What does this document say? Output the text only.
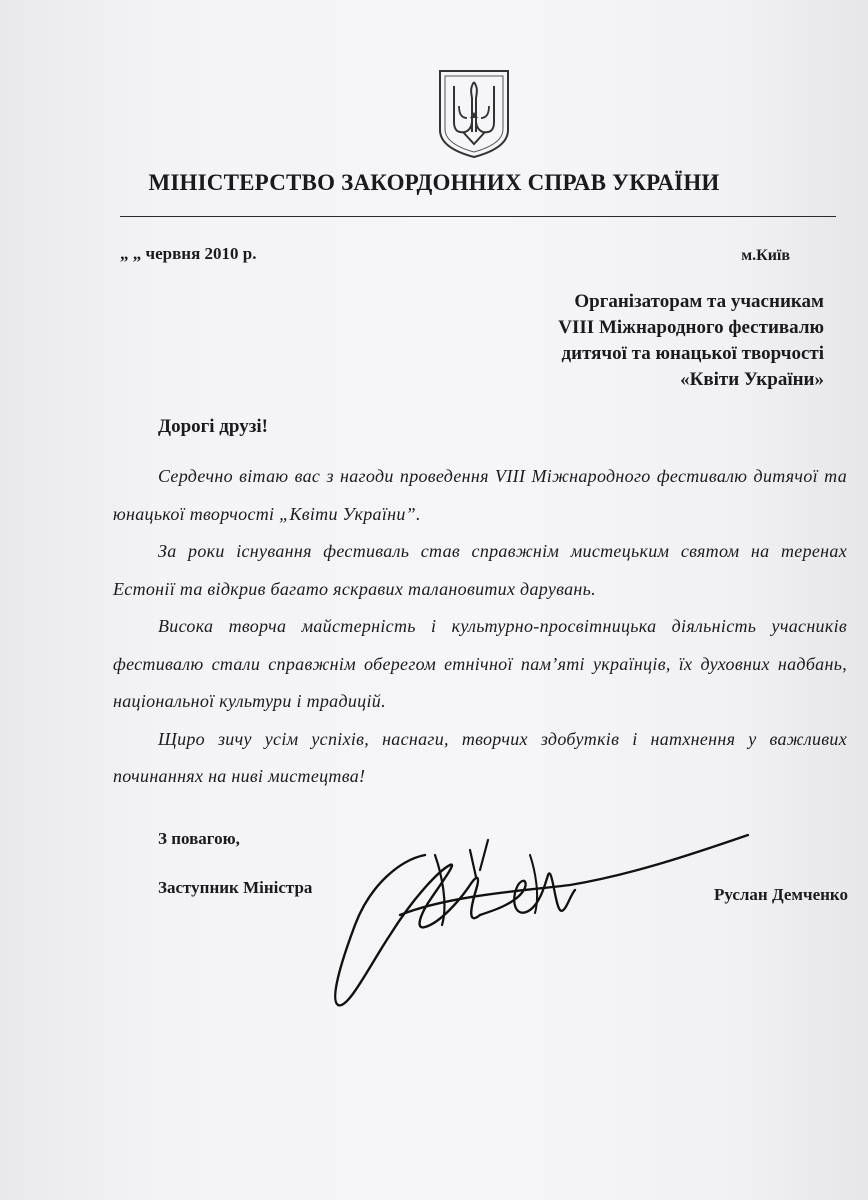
МІНІСТЕРСТВО ЗАКОРДОННИХ СПРАВ УКРАЇНИ
„ „ червня 2010 р.	м.Київ
Організаторам та учасникам
VIII Міжнародного фестивалю
дитячої та юнацької творчості
«Квіти України»
Дорогі друзі!

Сердечно вітаю вас з нагоди проведення VIII Міжнародного фестивалю дитячої та юнацької творчості „Квіти України”.

За роки існування фестиваль став справжнім мистецьким святом на теренах Естонії та відкрив багато яскравих талановитих дарувань.

Висока творча майстерність і культурно-просвітницька діяльність учасників фестивалю стали справжнім оберегом етнічної пам’яті українців, їх духовних надбань, національної культури і традицій.

Щиро зичу усім успіхів, наснаги, творчих здобутків і натхнення у важливих починаннях на ниві мистецтва!

З повагою,
Заступник Міністра	Руслан Демченко
